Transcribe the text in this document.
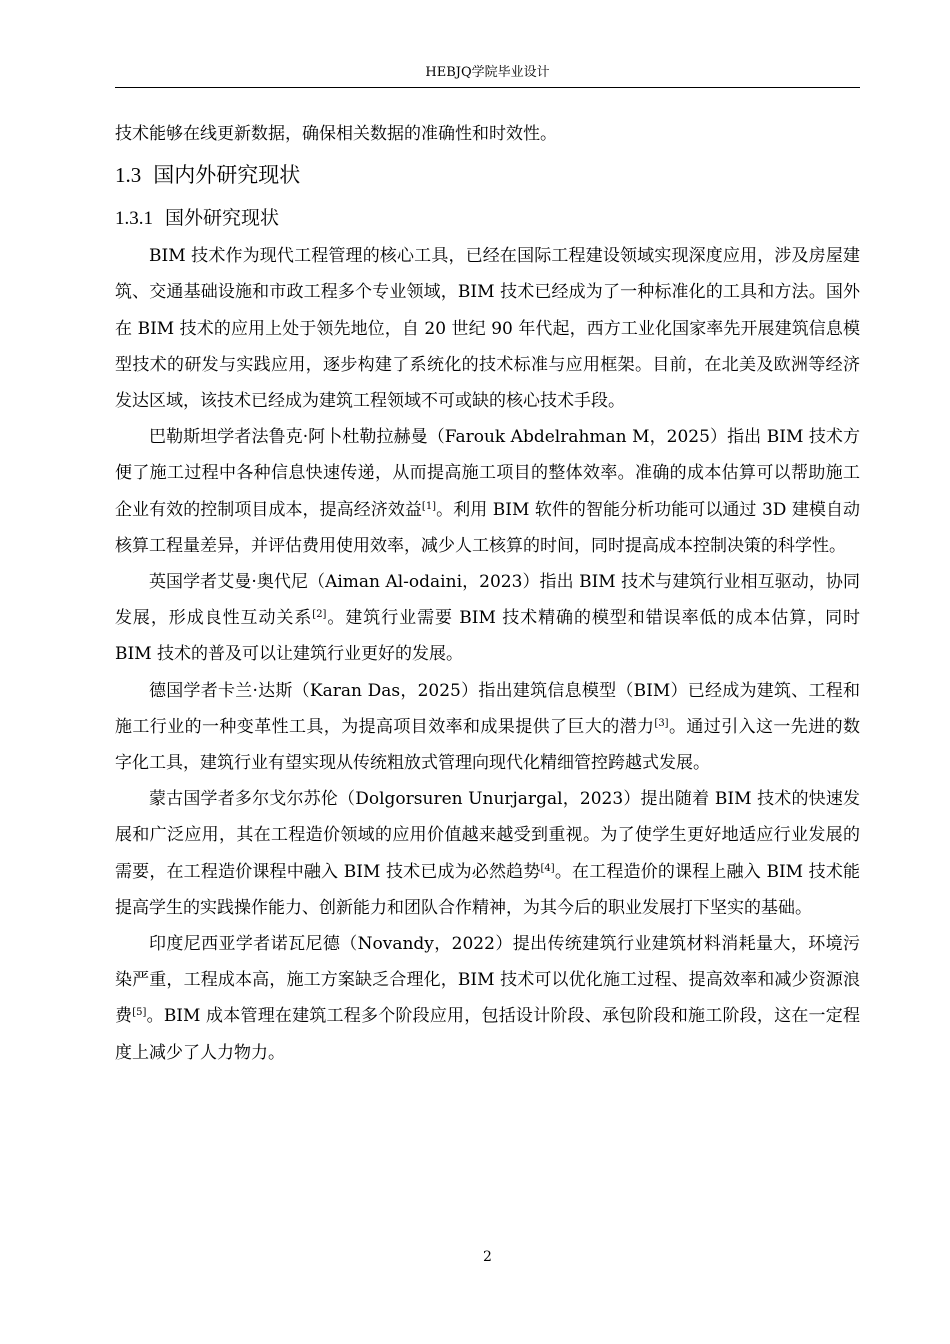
HEBJQ学院毕业设计

技术能够在线更新数据，确保相关数据的准确性和时效性。

1.3 国内外研究现状
1.3.1 国外研究现状

BIM 技术作为现代工程管理的核心工具，已经在国际工程建设领域实现深度应用，涉及房屋建筑、交通基础设施和市政工程多个专业领域，BIM 技术已经成为了一种标准化的工具和方法。国外在 BIM 技术的应用上处于领先地位，自 20 世纪 90 年代起，西方工业化国家率先开展建筑信息模型技术的研发与实践应用，逐步构建了系统化的技术标准与应用框架。目前，在北美及欧洲等经济发达区域，该技术已经成为建筑工程领域不可或缺的核心技术手段。

巴勒斯坦学者法鲁克·阿卜杜勒拉赫曼（Farouk Abdelrahman M，2025）指出 BIM 技术方便了施工过程中各种信息快速传递，从而提高施工项目的整体效率。准确的成本估算可以帮助施工企业有效的控制项目成本，提高经济效益[1]。利用 BIM 软件的智能分析功能可以通过 3D 建模自动核算工程量差异，并评估费用使用效率，减少人工核算的时间，同时提高成本控制决策的科学性。

英国学者艾曼·奥代尼（Aiman Al-odaini，2023）指出 BIM 技术与建筑行业相互驱动，协同发展，形成良性互动关系[2]。建筑行业需要 BIM 技术精确的模型和错误率低的成本估算，同时 BIM 技术的普及可以让建筑行业更好的发展。

德国学者卡兰·达斯（Karan Das，2025）指出建筑信息模型（BIM）已经成为建筑、工程和施工行业的一种变革性工具，为提高项目效率和成果提供了巨大的潜力[3]。通过引入这一先进的数字化工具，建筑行业有望实现从传统粗放式管理向现代化精细管控跨越式发展。

蒙古国学者多尔戈尔苏伦（Dolgorsuren Unurjargal，2023）提出随着 BIM 技术的快速发展和广泛应用，其在工程造价领域的应用价值越来越受到重视。为了使学生更好地适应行业发展的需要，在工程造价课程中融入 BIM 技术已成为必然趋势[4]。在工程造价的课程上融入 BIM 技术能提高学生的实践操作能力、创新能力和团队合作精神，为其今后的职业发展打下坚实的基础。

印度尼西亚学者诺瓦尼德（Novandy，2022）提出传统建筑行业建筑材料消耗量大，环境污染严重，工程成本高，施工方案缺乏合理化，BIM 技术可以优化施工过程、提高效率和减少资源浪费[5]。BIM 成本管理在建筑工程多个阶段应用，包括设计阶段、承包阶段和施工阶段，这在一定程度上减少了人力物力。

2
